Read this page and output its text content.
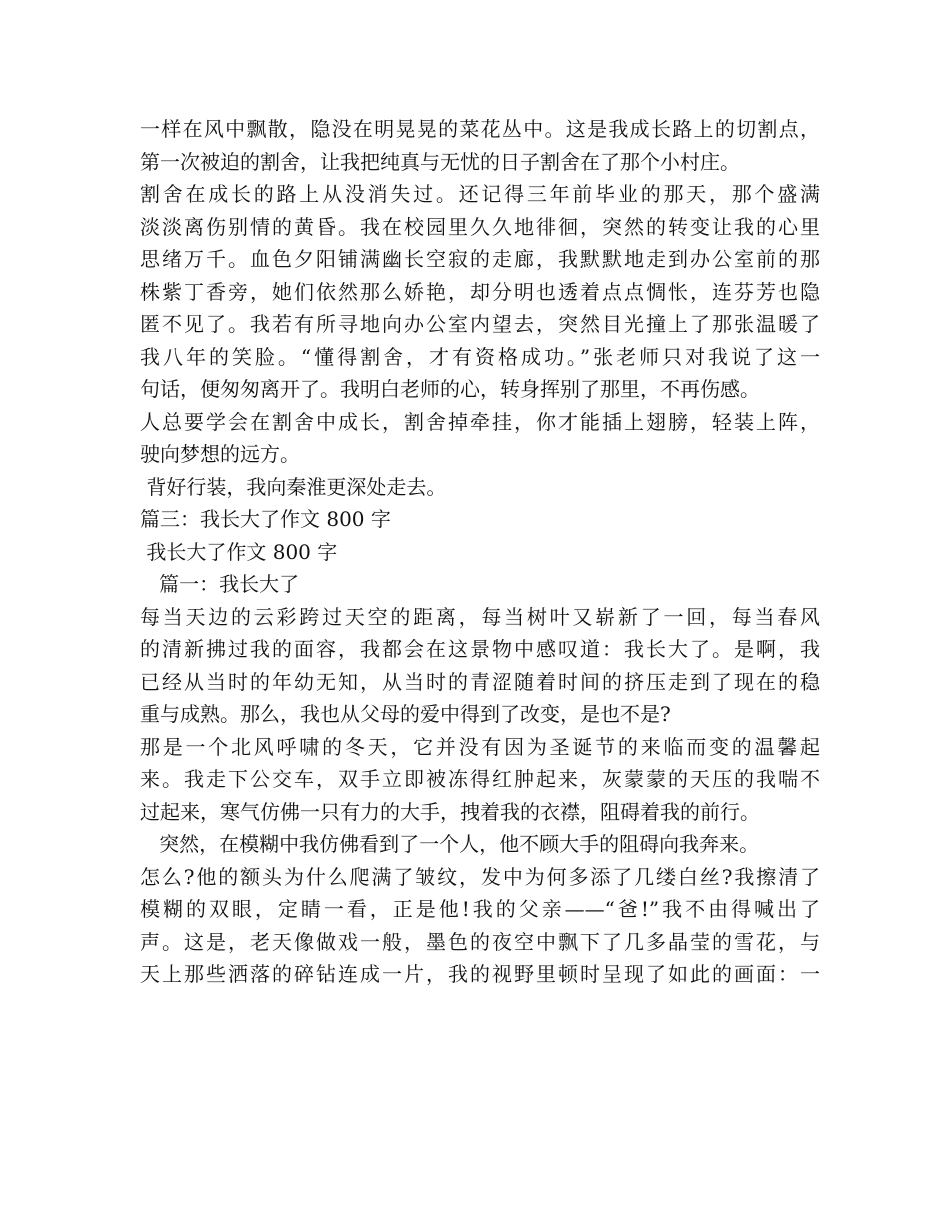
一样在风中飘散，隐没在明晃晃的菜花丛中。这是我成长路上的切割点，
第一次被迫的割舍，让我把纯真与无忧的日子割舍在了那个小村庄。
割舍在成长的路上从没消失过。还记得三年前毕业的那天，那个盛满
淡淡离伤别情的黄昏。我在校园里久久地徘徊，突然的转变让我的心里
思绪万千。血色夕阳铺满幽长空寂的走廊，我默默地走到办公室前的那
株紫丁香旁，她们依然那么娇艳，却分明也透着点点惆怅，连芬芳也隐
匿不见了。我若有所寻地向办公室内望去，突然目光撞上了那张温暖了
我八年的笑脸。“懂得割舍，才有资格成功。”张老师只对我说了这一
句话，便匆匆离开了。我明白老师的心，转身挥别了那里，不再伤感。
人总要学会在割舍中成长，割舍掉牵挂，你才能插上翅膀，轻装上阵，
驶向梦想的远方。
背好行装，我向秦淮更深处走去。
篇三：我长大了作文 800 字
我长大了作文 800 字
篇一：我长大了
每当天边的云彩跨过天空的距离，每当树叶又崭新了一回，每当春风
的清新拂过我的面容，我都会在这景物中感叹道：我长大了。是啊，我
已经从当时的年幼无知，从当时的青涩随着时间的挤压走到了现在的稳
重与成熟。那么，我也从父母的爱中得到了改变，是也不是?
那是一个北风呼啸的冬天，它并没有因为圣诞节的来临而变的温馨起
来。我走下公交车，双手立即被冻得红肿起来，灰蒙蒙的天压的我喘不
过起来，寒气仿佛一只有力的大手，拽着我的衣襟，阻碍着我的前行。
突然，在模糊中我仿佛看到了一个人，他不顾大手的阻碍向我奔来。
怎么?他的额头为什么爬满了皱纹，发中为何多添了几缕白丝?我擦清了
模糊的双眼，定睛一看，正是他!我的父亲——“爸!”我不由得喊出了
声。这是，老天像做戏一般，墨色的夜空中飘下了几多晶莹的雪花，与
天上那些洒落的碎钻连成一片，我的视野里顿时呈现了如此的画面：一
